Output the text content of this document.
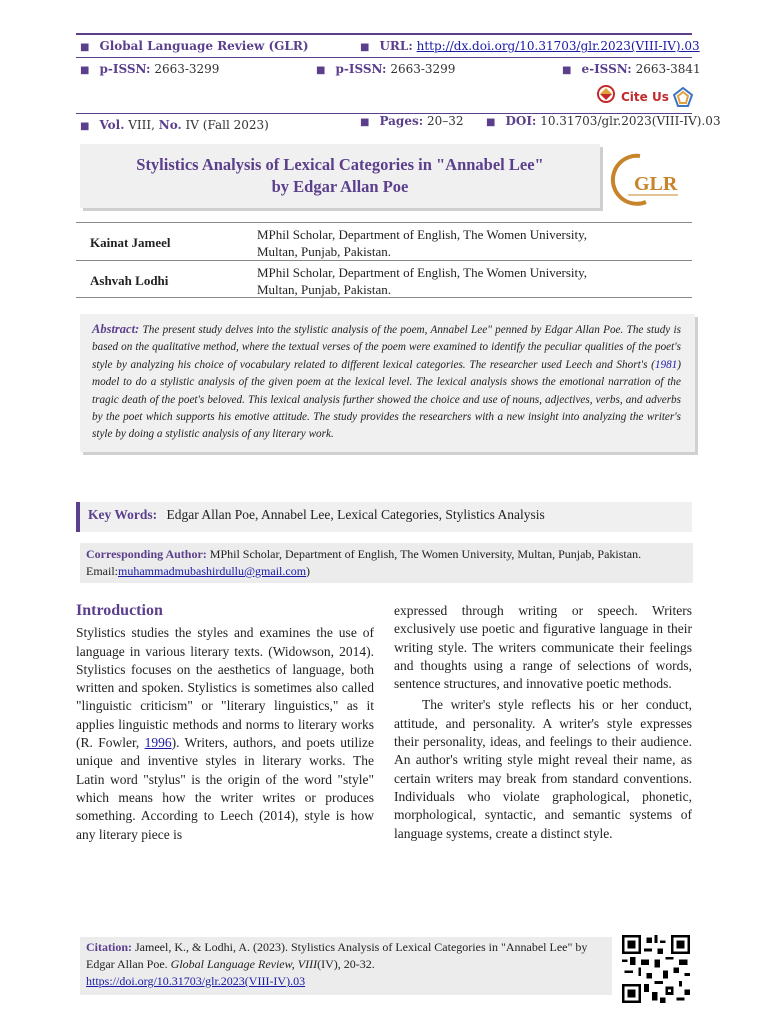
■ Global Language Review (GLR)	■ URL: http://dx.doi.org/10.31703/glr.2023(VIII-IV).03
■ p-ISSN: 2663-3299	■ p-ISSN: 2663-3299	■ e-ISSN: 2663-3841
Cite Us
■ Vol. VIII, No. IV (Fall 2023)	■ Pages: 20–32 ■ DOI: 10.31703/glr.2023(VIII-IV).03
Stylistics Analysis of Lexical Categories in "Annabel Lee"
by Edgar Allan Poe	GLR
Kainat Jameel
MPhil Scholar, Department of English, The Women University,
Multan, Punjab, Pakistan.
Ashvah Lodhi
MPhil Scholar, Department of English, The Women University,
Multan, Punjab, Pakistan.
Abstract: The present study delves into the stylistic analysis of the poem, Annabel Lee" penned by Edgar Allan Poe. The study is based on the qualitative method, where the textual verses of the poem were examined to identify the peculiar qualities of the poet's style by analyzing his choice of vocabulary related to different lexical categories. The researcher used Leech and Short's (1981) model to do a stylistic analysis of the given poem at the lexical level. The lexical analysis shows the emotional narration of the tragic death of the poet's beloved. This lexical analysis further showed the choice and use of nouns, adjectives, verbs, and adverbs by the poet which supports his emotive attitude. The study provides the researchers with a new insight into analyzing the writer's style by doing a stylistic analysis of any literary work.
Key Words: Edgar Allan Poe, Annabel Lee, Lexical Categories, Stylistics Analysis
Corresponding Author: MPhil Scholar, Department of English, The Women University, Multan, Punjab, Pakistan. Email:muhammadmubashirdullu@gmail.com)
Introduction

Stylistics studies the styles and examines the use of language in various literary texts. (Widowson, 2014). Stylistics focuses on the aesthetics of language, both written and spoken. Stylistics is sometimes also called "linguistic criticism" or "literary linguistics," as it applies linguistic methods and norms to literary works (R. Fowler, 1996). Writers, authors, and poets utilize unique and inventive styles in literary works. The Latin word "stylus" is the origin of the word "style" which means how the writer writes or produces something. According to Leech (2014), style is how any literary piece is

expressed through writing or speech. Writers exclusively use poetic and figurative language in their writing style. The writers communicate their feelings and thoughts using a range of selections of words, sentence structures, and innovative poetic methods.

The writer's style reflects his or her conduct, attitude, and personality. A writer's style expresses their personality, ideas, and feelings to their audience. An author's writing style might reveal their name, as certain writers may break from standard conventions. Individuals who violate graphological, phonetic, morphological, syntactic, and semantic systems of language systems, create a distinct style.

Citation: Jameel, K., & Lodhi, A. (2023). Stylistics Analysis of Lexical Categories in "Annabel Lee" by Edgar Allan Poe. Global Language Review, VIII(IV), 20-32.
https://doi.org/10.31703/glr.2023(VIII-IV).03
